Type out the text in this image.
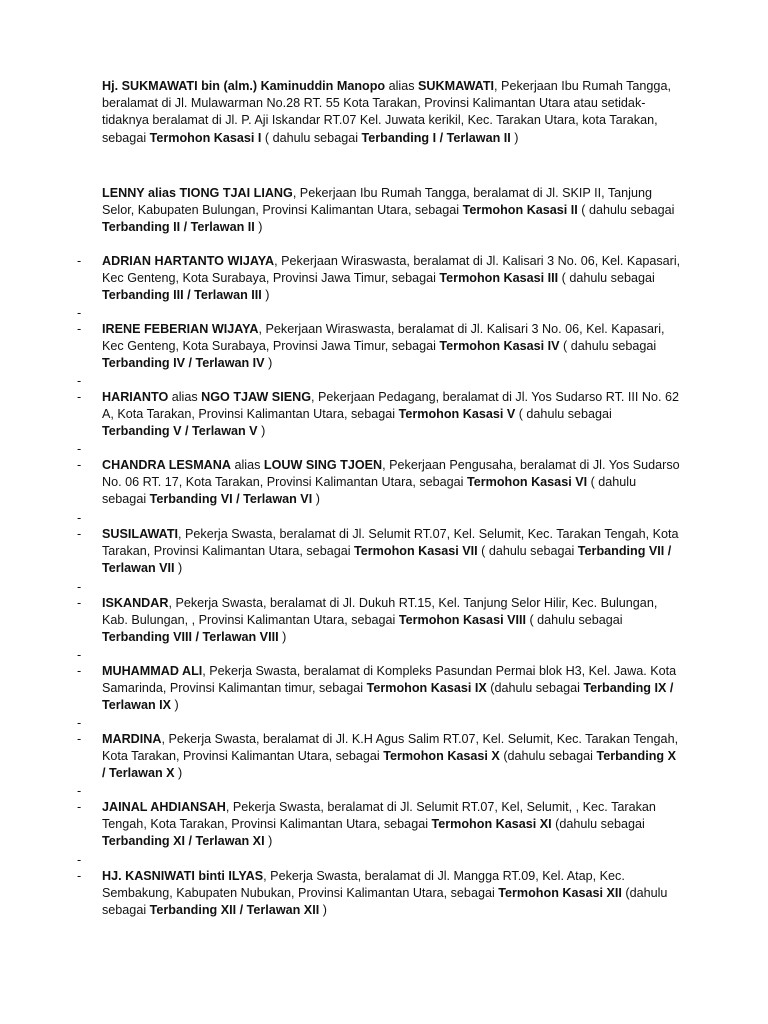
Hj. SUKMAWATI bin (alm.) Kaminuddin Manopo alias SUKMAWATI, Pekerjaan Ibu Rumah Tangga, beralamat di Jl. Mulawarman No.28 RT. 55 Kota Tarakan, Provinsi Kalimantan Utara atau setidak-tidaknya beralamat di Jl. P. Aji Iskandar RT.07 Kel. Juwata kerikil, Kec. Tarakan Utara, kota Tarakan, sebagai Termohon Kasasi I ( dahulu sebagai Terbanding I / Terlawan II )

LENNY alias TIONG TJAI LIANG, Pekerjaan Ibu Rumah Tangga, beralamat di Jl. SKIP II, Tanjung Selor, Kabupaten Bulungan, Provinsi Kalimantan Utara, sebagai Termohon Kasasi II ( dahulu sebagai Terbanding II / Terlawan II )

ADRIAN HARTANTO WIJAYA, Pekerjaan Wiraswasta, beralamat di Jl. Kalisari 3 No. 06, Kel. Kapasari, Kec Genteng, Kota Surabaya, Provinsi Jawa Timur, sebagai Termohon Kasasi III ( dahulu sebagai Terbanding III / Terlawan III )

IRENE FEBERIAN WIJAYA, Pekerjaan Wiraswasta, beralamat di Jl. Kalisari 3 No. 06, Kel. Kapasari, Kec Genteng, Kota Surabaya, Provinsi Jawa Timur, sebagai Termohon Kasasi IV ( dahulu sebagai Terbanding IV / Terlawan IV )

HARIANTO alias NGO TJAW SIENG, Pekerjaan Pedagang, beralamat di Jl. Yos Sudarso RT. III No. 62 A, Kota Tarakan, Provinsi Kalimantan Utara, sebagai Termohon Kasasi V ( dahulu sebagai Terbanding V / Terlawan V )

CHANDRA LESMANA alias LOUW SING TJOEN, Pekerjaan Pengusaha, beralamat di Jl. Yos Sudarso No. 06 RT. 17, Kota Tarakan, Provinsi Kalimantan Utara, sebagai Termohon Kasasi VI ( dahulu sebagai Terbanding VI / Terlawan VI )

SUSILAWATI, Pekerja Swasta, beralamat di Jl. Selumit RT.07, Kel. Selumit, Kec. Tarakan Tengah, Kota Tarakan, Provinsi Kalimantan Utara, sebagai Termohon Kasasi VII ( dahulu sebagai Terbanding VII / Terlawan VII )

ISKANDAR, Pekerja Swasta, beralamat di Jl. Dukuh RT.15, Kel. Tanjung Selor Hilir, Kec. Bulungan, Kab. Bulungan, , Provinsi Kalimantan Utara, sebagai Termohon Kasasi VIII ( dahulu sebagai Terbanding VIII / Terlawan VIII )

MUHAMMAD ALI, Pekerja Swasta, beralamat di Kompleks Pasundan Permai blok H3, Kel. Jawa. Kota Samarinda, Provinsi Kalimantan timur, sebagai Termohon Kasasi IX (dahulu sebagai Terbanding IX / Terlawan IX )

MARDINA, Pekerja Swasta, beralamat di Jl. K.H Agus Salim RT.07, Kel. Selumit, Kec. Tarakan Tengah, Kota Tarakan, Provinsi Kalimantan Utara, sebagai Termohon Kasasi X (dahulu sebagai Terbanding X / Terlawan X )

JAINAL AHDIANSAH, Pekerja Swasta, beralamat di Jl. Selumit RT.07, Kel, Selumit, , Kec. Tarakan Tengah, Kota Tarakan, Provinsi Kalimantan Utara, sebagai Termohon Kasasi XI (dahulu sebagai Terbanding XI / Terlawan XI )

HJ. KASNIWATI binti ILYAS, Pekerja Swasta, beralamat di Jl. Mangga RT.09, Kel. Atap, Kec. Sembakung, Kabupaten Nubukan, Provinsi Kalimantan Utara, sebagai Termohon Kasasi XII (dahulu sebagai Terbanding XII / Terlawan XII )

-
-
-
-
-
-
-
-
-
-
-
-
-
-
-
-
-
-
-
